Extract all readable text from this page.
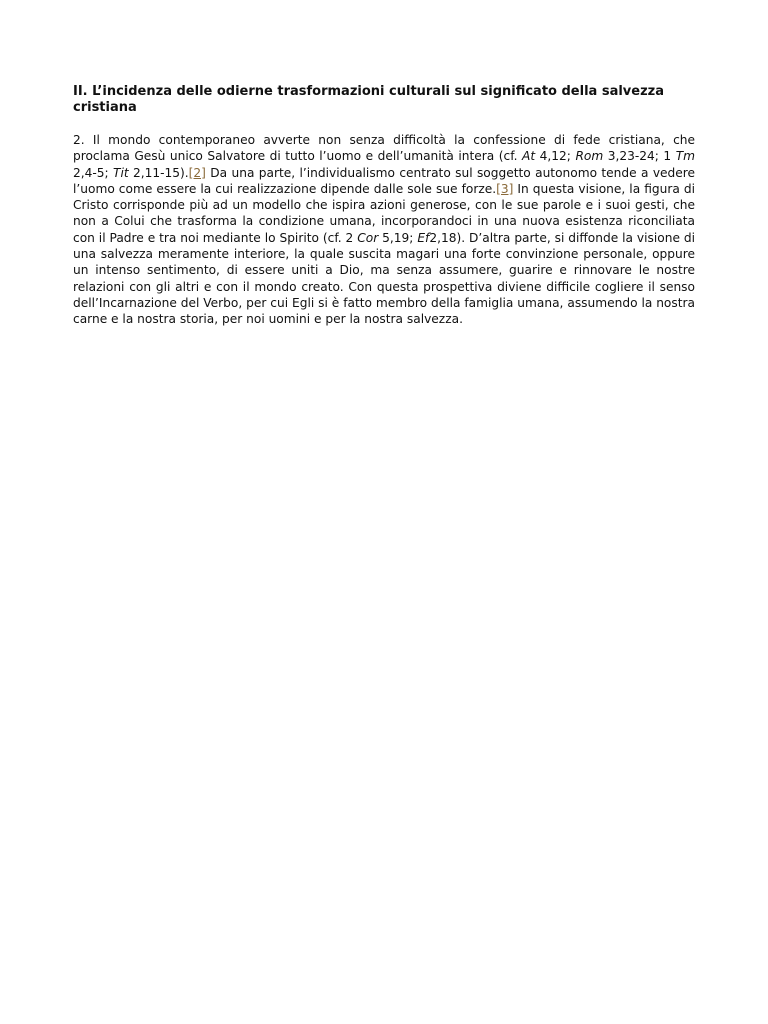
II. L’incidenza delle odierne trasformazioni culturali sul significato della salvezza cristiana

2. Il mondo contemporaneo avverte non senza difficoltà la confessione di fede cristiana, che proclama Gesù unico Salvatore di tutto l’uomo e dell’umanità intera (cf. At 4,12; Rom 3,23-24; 1 Tm 2,4-5; Tit 2,11-15).[2] Da una parte, l’individualismo centrato sul soggetto autonomo tende a vedere l’uomo come essere la cui realizzazione dipende dalle sole sue forze.[3] In questa visione, la figura di Cristo corrisponde più ad un modello che ispira azioni generose, con le sue parole e i suoi gesti, che non a Colui che trasforma la condizione umana, incorporandoci in una nuova esistenza riconciliata con il Padre e tra noi mediante lo Spirito (cf. 2 Cor 5,19; Ef2,18). D’altra parte, si diffonde la visione di una salvezza meramente interiore, la quale suscita magari una forte convinzione personale, oppure un intenso sentimento, di essere uniti a Dio, ma senza assumere, guarire e rinnovare le nostre relazioni con gli altri e con il mondo creato. Con questa prospettiva diviene difficile cogliere il senso dell’Incarnazione del Verbo, per cui Egli si è fatto membro della famiglia umana, assumendo la nostra carne e la nostra storia, per noi uomini e per la nostra salvezza.
